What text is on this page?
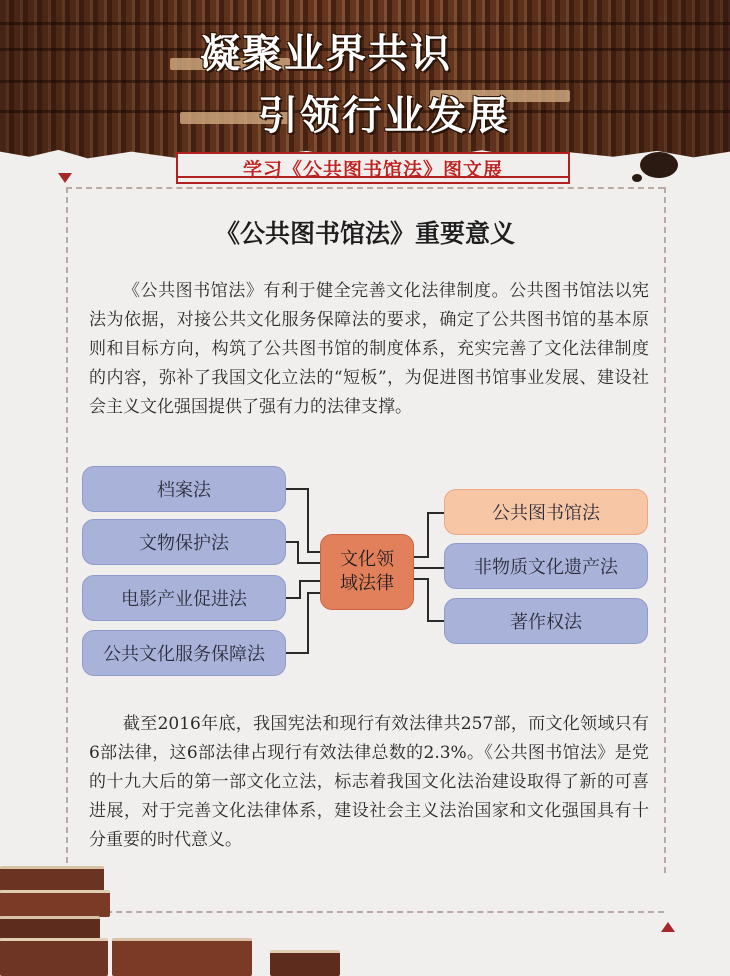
凝聚业界共识
引领行业发展
学习《公共图书馆法》图文展
《公共图书馆法》重要意义

《公共图书馆法》有利于健全完善文化法律制度。公共图书馆法以宪法为依据，对接公共文化服务保障法的要求，确定了公共图书馆的基本原则和目标方向，构筑了公共图书馆的制度体系，充实完善了文化法律制度的内容，弥补了我国文化立法的“短板”，为促进图书馆事业发展、建设社会主义文化强国提供了强有力的法律支撑。

档案法
文物保护法
电影产业促进法
公共文化服务保障法
文化领
域法律
公共图书馆法
非物质文化遗产法
著作权法

截至2016年底，我国宪法和现行有效法律共257部，而文化领域只有6部法律，这6部法律占现行有效法律总数的2.3%。《公共图书馆法》是党的十九大后的第一部文化立法，标志着我国文化法治建设取得了新的可喜进展，对于完善文化法律体系，建设社会主义法治国家和文化强国具有十分重要的时代意义。
